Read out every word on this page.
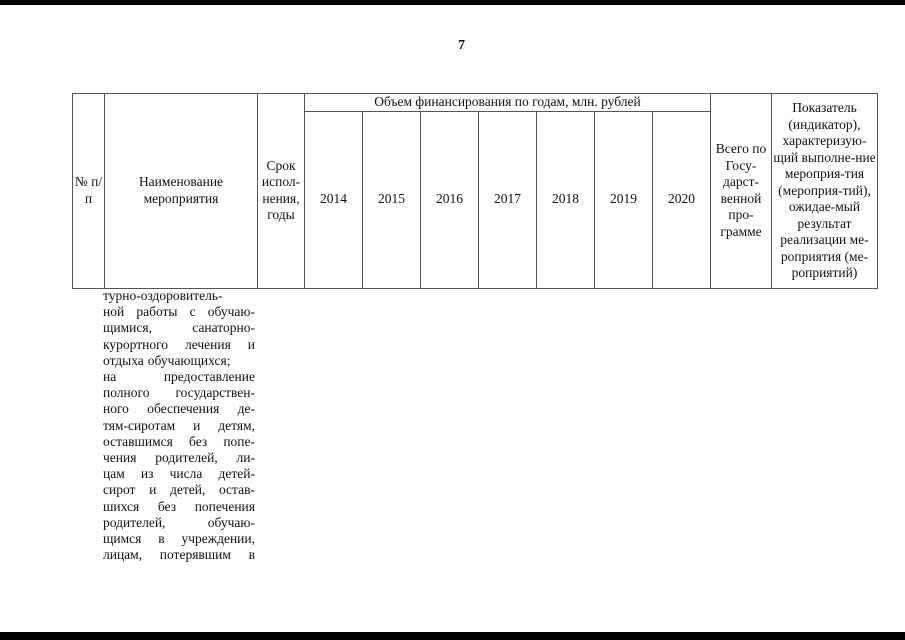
7
№ п/п	Наименование мероприятия	Срок испол-нения, годы	Объем финансирования по годам, млн. рублей							Всего по Госу-дарст-венной про-грамме	Показатель (индикатор), характеризую-щий выполне-ние мероприя-тия (мероприя-тий), ожидае-мый результат реализации ме-роприятия (ме-роприятий)
			2014	2015	2016	2017	2018	2019	2020		
турно-оздоровитель-
ной работы с обучаю-
щимися,	санаторно-
курортного лечения и
отдыха обучающихся;
на	предоставление
полного государствен-
ного обеспечения де-
тям-сиротам и детям,
оставшимся без попе-
чения родителей, ли-
цам из числа детей-
сирот и детей, остав-
шихся без попечения
родителей,	обучаю-
щимся в учреждении,
лицам, потерявшим в
